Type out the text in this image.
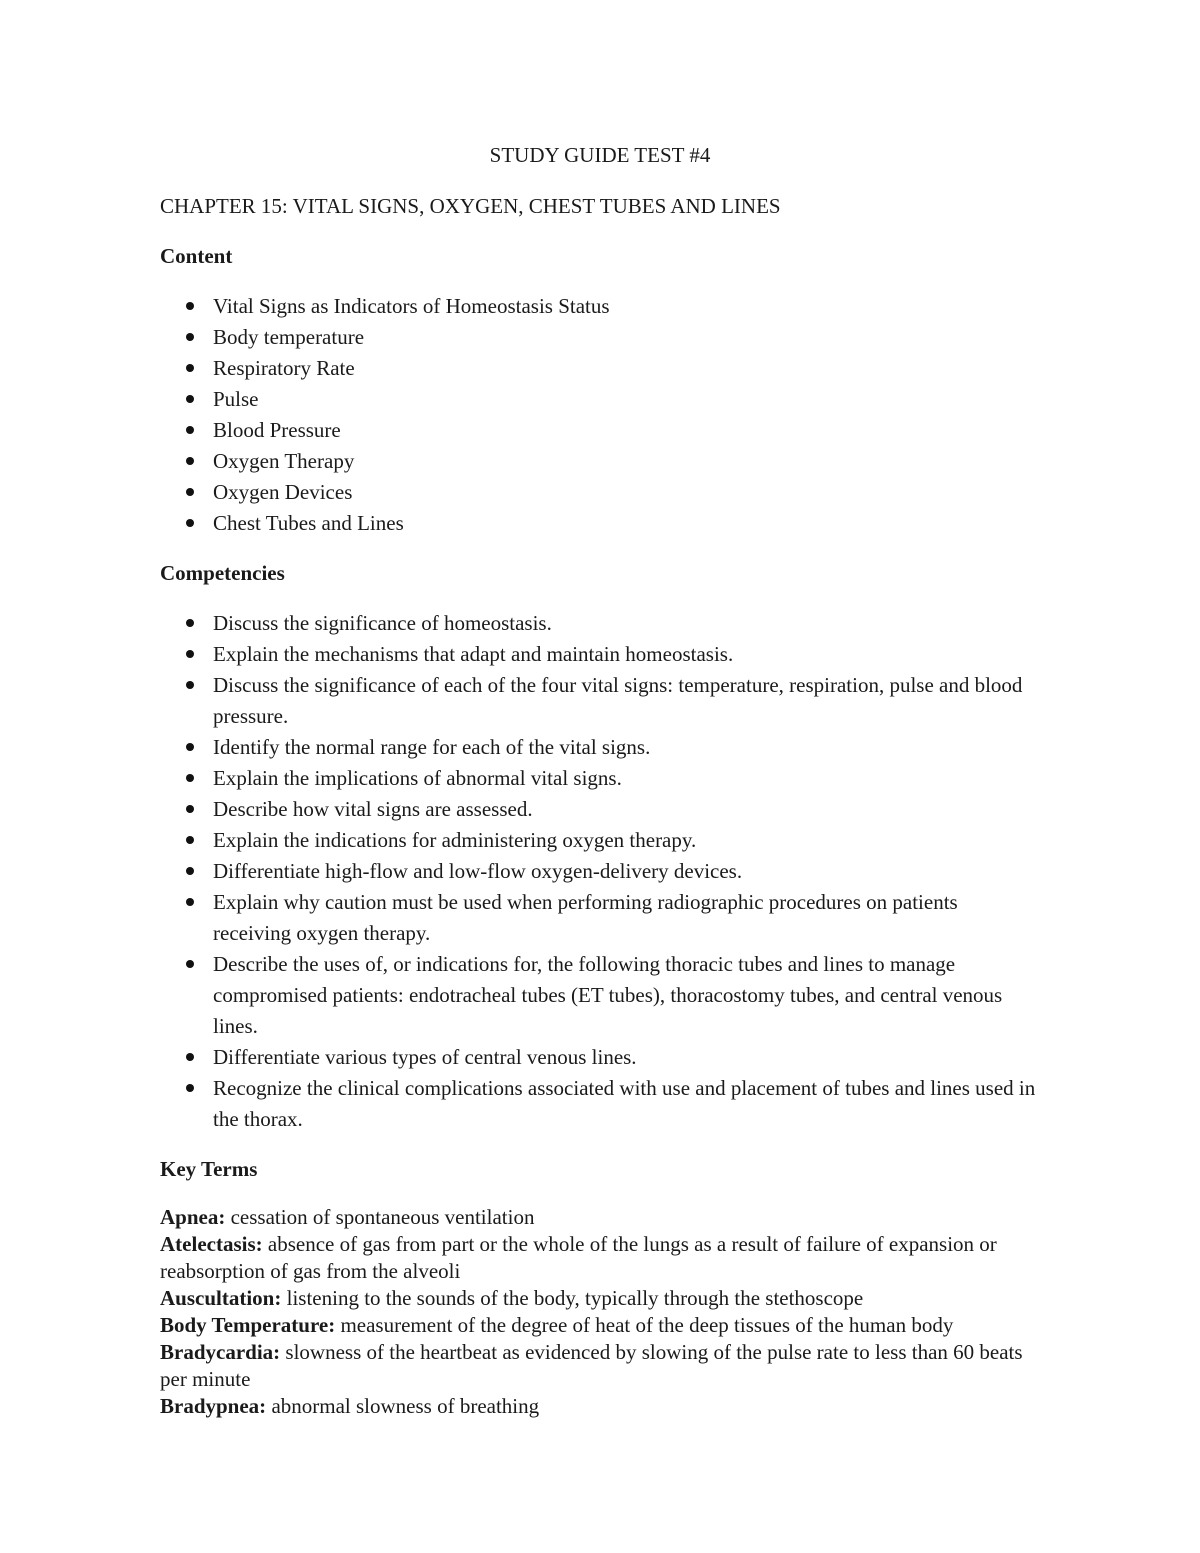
STUDY GUIDE TEST #4

CHAPTER 15: VITAL SIGNS, OXYGEN, CHEST TUBES AND LINES

Content

Vital Signs as Indicators of Homeostasis Status
Body temperature
Respiratory Rate
Pulse
Blood Pressure
Oxygen Therapy
Oxygen Devices
Chest Tubes and Lines

Competencies

Discuss the significance of homeostasis.
Explain the mechanisms that adapt and maintain homeostasis.
Discuss the significance of each of the four vital signs: temperature, respiration, pulse and blood pressure.
Identify the normal range for each of the vital signs.
Explain the implications of abnormal vital signs.
Describe how vital signs are assessed.
Explain the indications for administering oxygen therapy.
Differentiate high-flow and low-flow oxygen-delivery devices.
Explain why caution must be used when performing radiographic procedures on patients receiving oxygen therapy.
Describe the uses of, or indications for, the following thoracic tubes and lines to manage compromised patients: endotracheal tubes (ET tubes), thoracostomy tubes, and central venous lines.
Differentiate various types of central venous lines.
Recognize the clinical complications associated with use and placement of tubes and lines used in the thorax.

Key Terms

Apnea: cessation of spontaneous ventilation

Atelectasis: absence of gas from part or the whole of the lungs as a result of failure of expansion or reabsorption of gas from the alveoli

Auscultation: listening to the sounds of the body, typically through the stethoscope

Body Temperature: measurement of the degree of heat of the deep tissues of the human body

Bradycardia: slowness of the heartbeat as evidenced by slowing of the pulse rate to less than 60 beats per minute

Bradypnea: abnormal slowness of breathing
